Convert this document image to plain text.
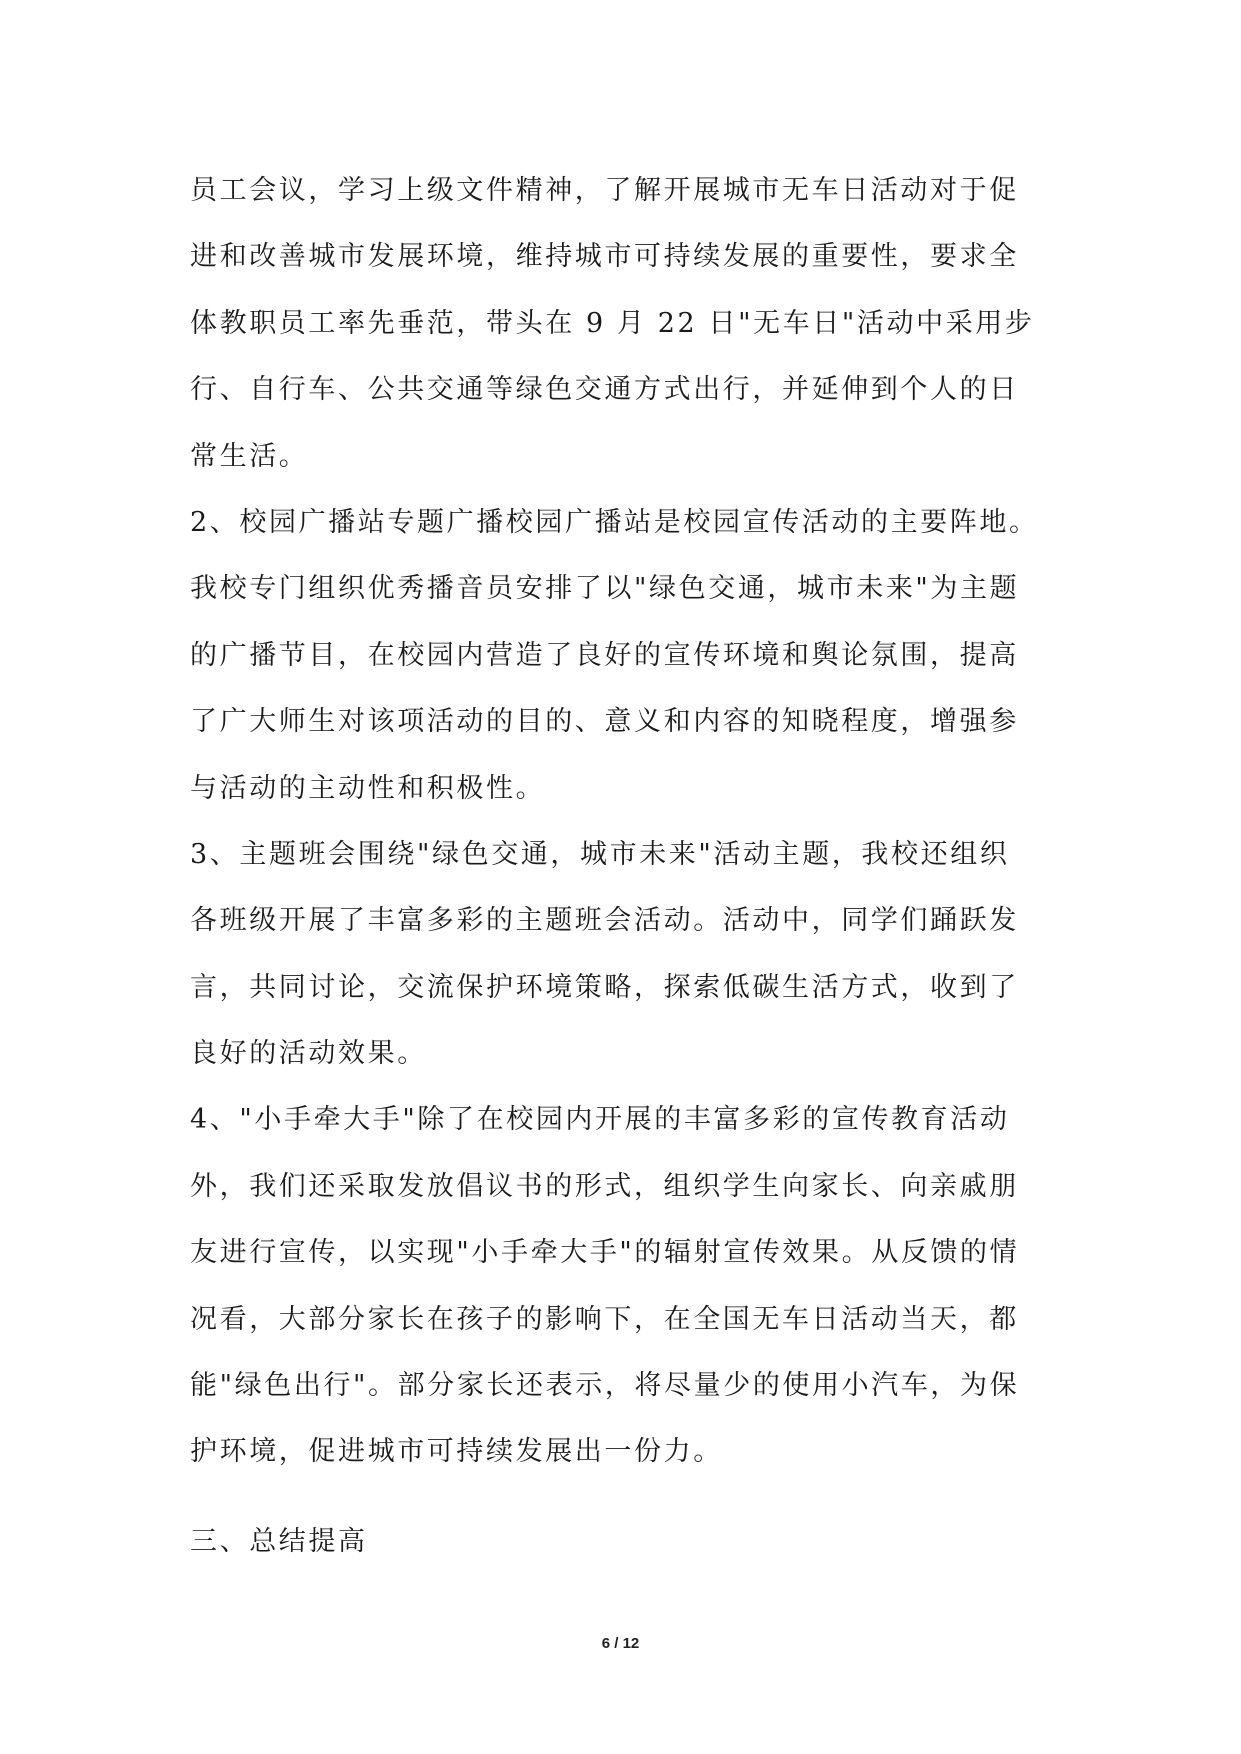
员工会议，学习上级文件精神，了解开展城市无车日活动对于促
进和改善城市发展环境，维持城市可持续发展的重要性，要求全
体教职员工率先垂范，带头在 9 月 22 日"无车日"活动中采用步
行、自行车、公共交通等绿色交通方式出行，并延伸到个人的日
常生活。
2、校园广播站专题广播校园广播站是校园宣传活动的主要阵地。
我校专门组织优秀播音员安排了以"绿色交通，城市未来"为主题
的广播节目，在校园内营造了良好的宣传环境和舆论氛围，提高
了广大师生对该项活动的目的、意义和内容的知晓程度，增强参
与活动的主动性和积极性。
3、主题班会围绕"绿色交通，城市未来"活动主题，我校还组织
各班级开展了丰富多彩的主题班会活动。活动中，同学们踊跃发
言，共同讨论，交流保护环境策略，探索低碳生活方式，收到了
良好的活动效果。
4、"小手牵大手"除了在校园内开展的丰富多彩的宣传教育活动
外，我们还采取发放倡议书的形式，组织学生向家长、向亲戚朋
友进行宣传，以实现"小手牵大手"的辐射宣传效果。从反馈的情
况看，大部分家长在孩子的影响下，在全国无车日活动当天，都
能"绿色出行"。部分家长还表示，将尽量少的使用小汽车，为保
护环境，促进城市可持续发展出一份力。
三、总结提高
6 / 12
